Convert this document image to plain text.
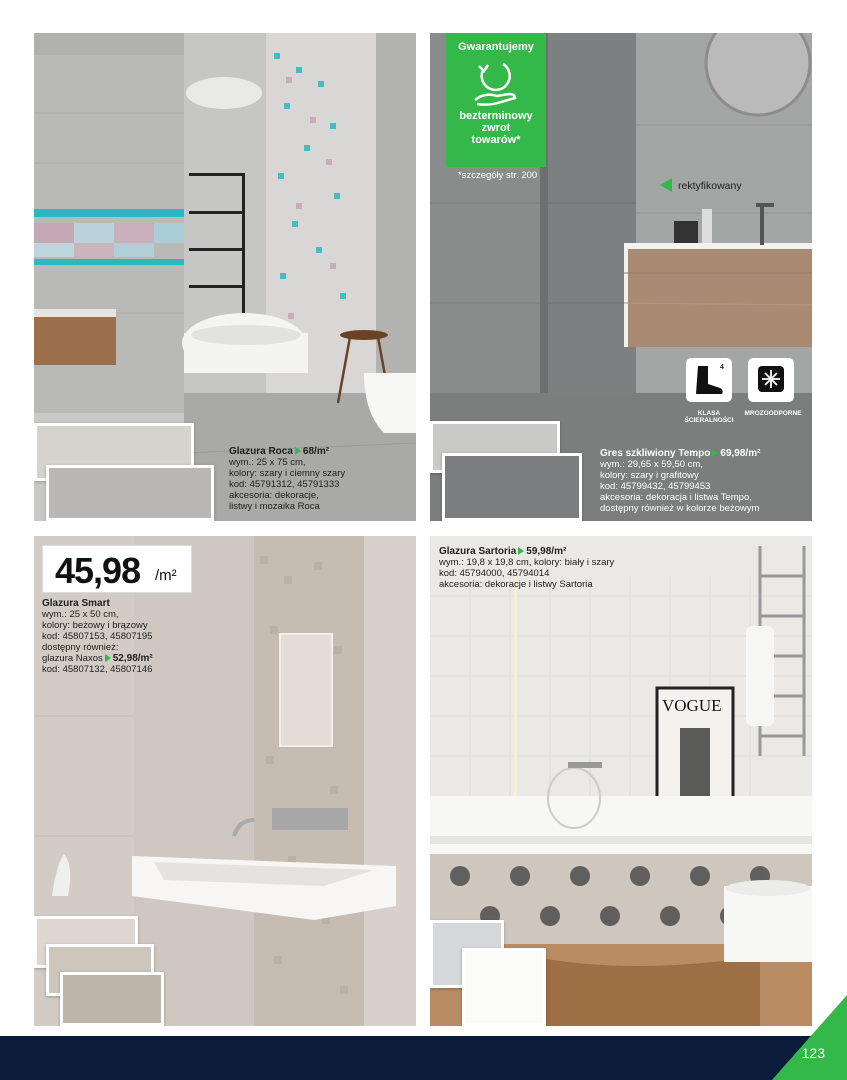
Glazura Roca 68/m²
wym.: 25 x 75 cm,
kolory: szary i ciemny szary
kod: 45791312, 45791333
akcesoria: dekoracje,
listwy i mozaika Roca
Gwarantujemy
bezterminowy
zwrot
towarów*
*szczegóły str. 200
rektyfikowany
4
KLASA ŚCIERALNOŚCI
MROZOODPORNE
Gres szkliwiony Tempo 69,98/m²
wym.: 29,65 x 59,50 cm,
kolory: szary i grafitowy
kod: 45799432, 45799453
akcesoria: dekoracja i listwa Tempo,
dostępny również w kolorze beżowym
45,98 /m²
Glazura Smart
wym.: 25 x 50 cm,
kolory: beżowy i brązowy
kod: 45807153, 45807195
dostępny również:
glazura Naxos 52,98/m²
kod: 45807132, 45807146
VOGUE
Glazura Sartoria 59,98/m²
wym.: 19,8 x 19,8 cm, kolory: biały i szary
kod: 45794000, 45794014
akcesoria: dekoracje i listwy Sartoria
123
